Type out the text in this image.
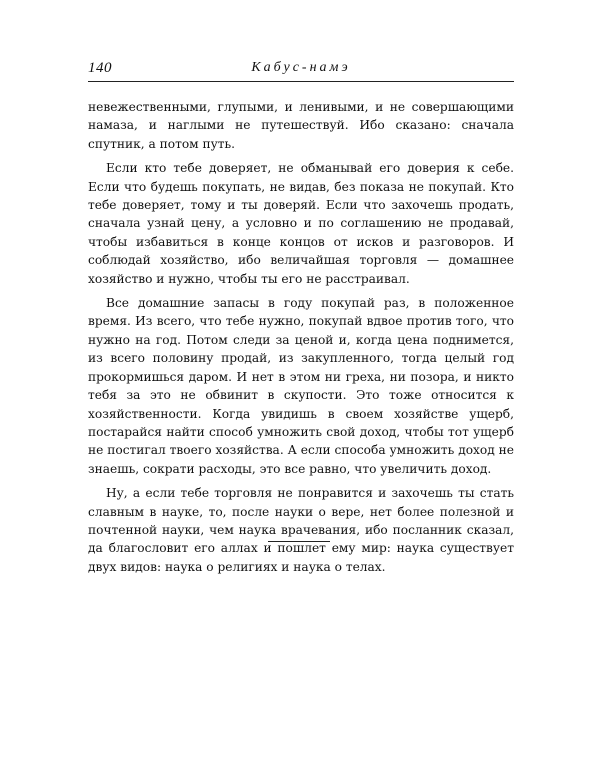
140	Кабус-намэ

невежественными, глупыми, и ленивыми, и не совершающими намаза, и наглыми не путешествуй. Ибо сказано: сначала спутник, а потом путь.

Если кто тебе доверяет, не обманывай его доверия к себе. Если что будешь покупать, не видав, без показа не покупай. Кто тебе доверяет, тому и ты доверяй. Если что захочешь продать, сначала узнай цену, а условно и по соглашению не продавай, чтобы избавиться в конце концов от исков и разговоров. И соблюдай хозяйство, ибо величайшая торговля — домашнее хозяйство и нужно, чтобы ты его не расстраивал.

Все домашние запасы в году покупай раз, в положенное время. Из всего, что тебе нужно, покупай вдвое против того, что нужно на год. Потом следи за ценой и, когда цена поднимется, из всего половину продай, из закупленного, тогда целый год прокормишься даром. И нет в этом ни греха, ни позора, и никто тебя за это не обвинит в скупости. Это тоже относится к хозяйственности. Когда увидишь в своем хозяйстве ущерб, постарайся найти способ умножить свой доход, чтобы тот ущерб не постигал твоего хозяйства. А если способа умножить доход не знаешь, сократи расходы, это все равно, что увеличить доход.

Ну, а если тебе торговля не понравится и захочешь ты стать славным в науке, то, после науки о вере, нет более полезной и почтенной науки, чем наука врачевания, ибо посланник сказал, да благословит его аллах и пошлет ему мир: наука существует двух видов: наука о религиях и наука о телах.
